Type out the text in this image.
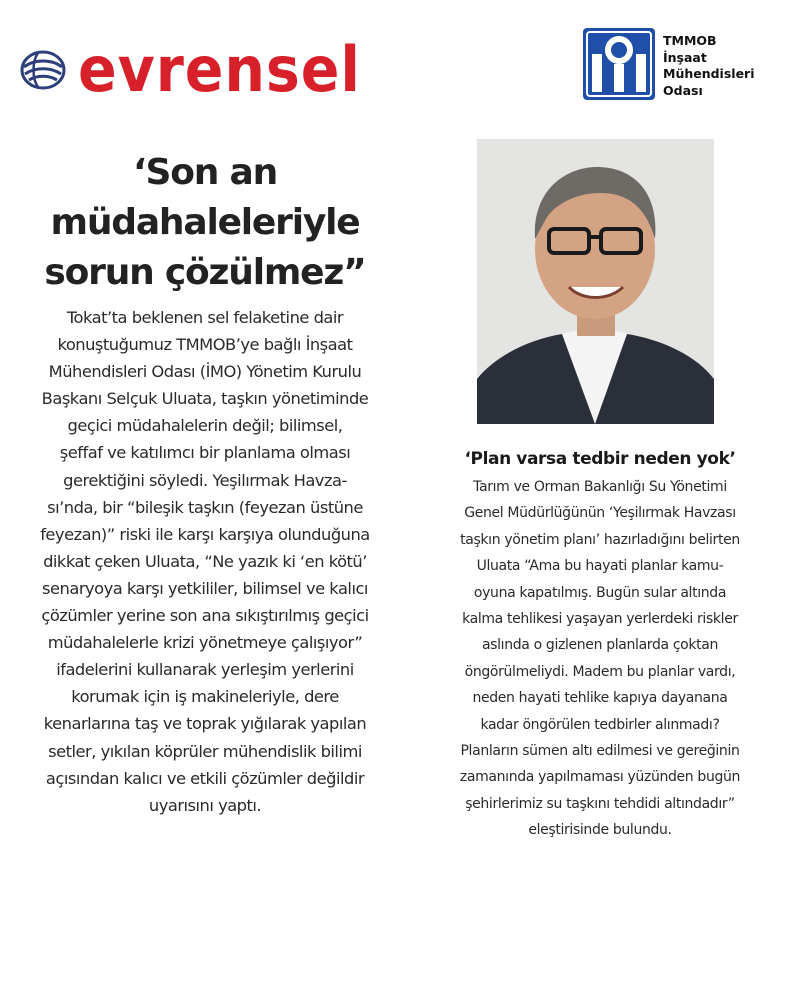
evrensel	TMMOB
İnşaat
Mühendisleri
Odası
‘Son an
müdahaleleriyle
sorun çözülmez”

Tokat’ta beklenen sel felaketine dair
konuştuğumuz TMMOB’ye bağlı İnşaat
Mühendisleri Odası (İMO) Yönetim Kurulu
Başkanı Selçuk Uluata, taşkın yönetiminde
geçici müdahalelerin değil; bilimsel,
şeffaf ve katılımcı bir planlama olması
gerektiğini söyledi. Yeşilırmak Havza-
sı’nda, bir “bileşik taşkın (feyezan üstüne
feyezan)” riski ile karşı karşıya olunduğuna
dikkat çeken Uluata, “Ne yazık ki ‘en kötü’
senaryoya karşı yetkililer, bilimsel ve kalıcı
çözümler yerine son ana sıkıştırılmış geçici
müdahalelerle krizi yönetmeye çalışıyor”
ifadelerini kullanarak yerleşim yerlerini
korumak için iş makineleriyle, dere
kenarlarına taş ve toprak yığılarak yapılan
setler, yıkılan köprüler mühendislik bilimi
açısından kalıcı ve etkili çözümler değildir
uyarısını yaptı.

‘Plan varsa tedbir neden yok’

Tarım ve Orman Bakanlığı Su Yönetimi
Genel Müdürlüğünün ‘Yeşilırmak Havzası
taşkın yönetim planı’ hazırladığını belirten
Uluata “Ama bu hayati planlar kamu-
oyuna kapatılmış. Bugün sular altında
kalma tehlikesi yaşayan yerlerdeki riskler
aslında o gizlenen planlarda çoktan
öngörülmeliydi. Madem bu planlar vardı,
neden hayati tehlike kapıya dayanana
kadar öngörülen tedbirler alınmadı?
Planların sümen altı edilmesi ve gereğinin
zamanında yapılmaması yüzünden bugün
şehirlerimiz su taşkını tehdidi altındadır”
eleştirisinde bulundu.
